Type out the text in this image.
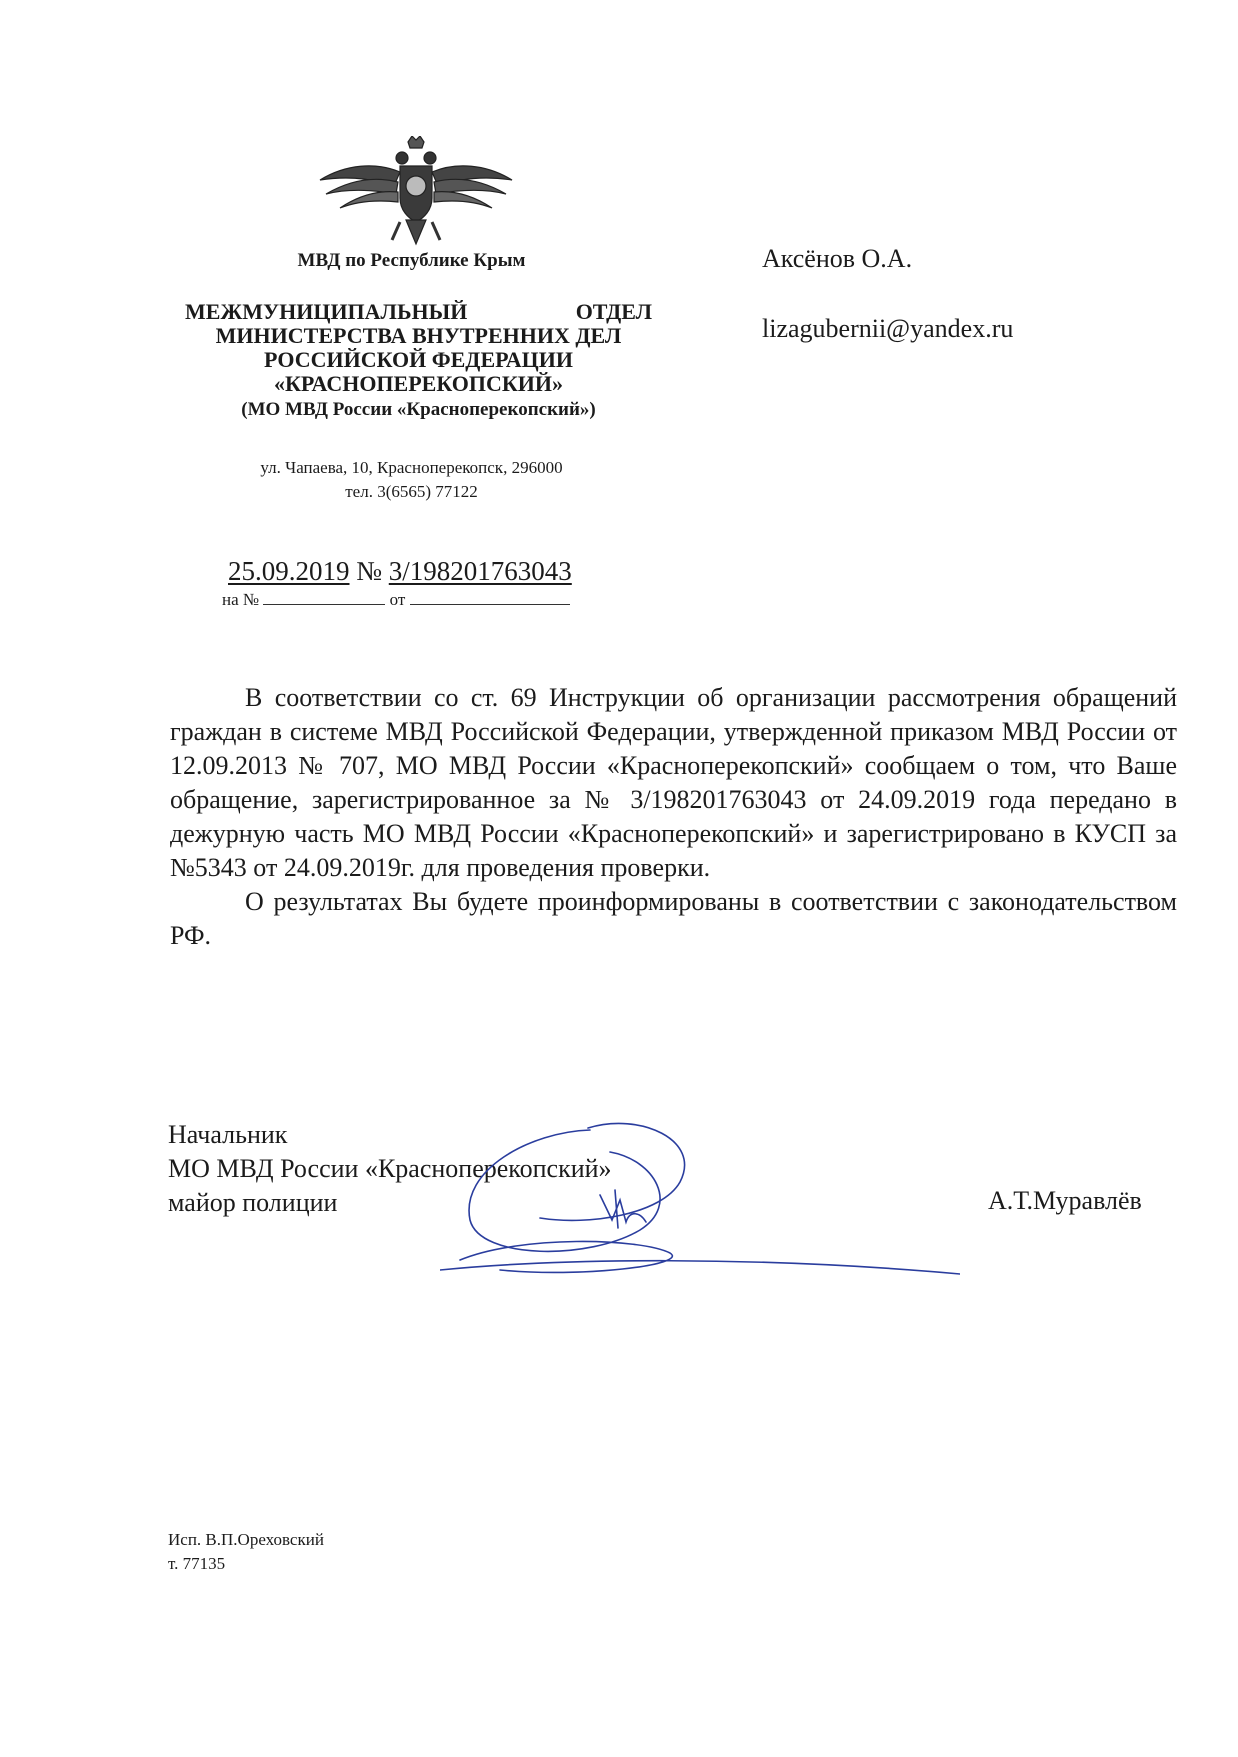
МВД по Республике Крым
МЕЖМУНИЦИПАЛЬНЫЙ	ОТДЕЛ
МИНИСТЕРСТВА ВНУТРЕННИХ ДЕЛ
РОССИЙСКОЙ ФЕДЕРАЦИИ
«КРАСНОПЕРЕКОПСКИЙ»
(МО МВД России «Красноперекопский»)
ул. Чапаева, 10, Красноперекопск, 296000
тел. 3(6565) 77122
Аксёнов О.А.
lizagubernii@yandex.ru
25.09.2019 № 3/198201763043
на №	от

В соответствии со ст. 69 Инструкции об организации рассмотрения обращений граждан в системе МВД Российской Федерации, утвержденной приказом МВД России от 12.09.2013 № 707, МО МВД России «Красноперекопский» сообщаем о том, что Ваше обращение, зарегистрированное за № 3/198201763043 от 24.09.2019 года передано в дежурную часть МО МВД России «Красноперекопский» и зарегистрировано в КУСП за №5343 от 24.09.2019г. для проведения проверки.

О результатах Вы будете проинформированы в соответствии с законодательством РФ.

Начальник
МО МВД России «Красноперекопский»
майор полиции	А.Т.Муравлёв
Исп. В.П.Ореховский
т. 77135
